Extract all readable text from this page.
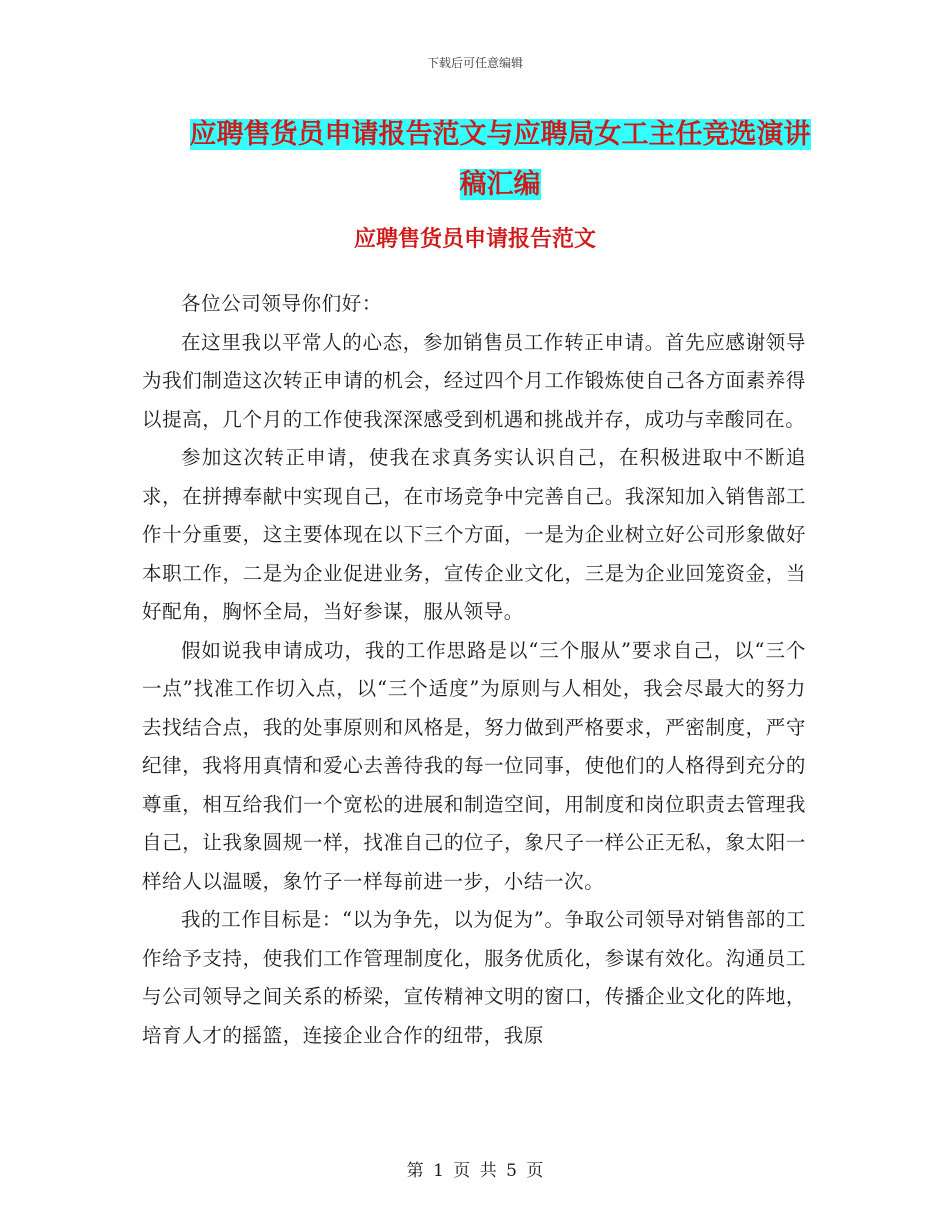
下载后可任意编辑
应聘售货员申请报告范文与应聘局女工主任竞选演讲
稿汇编
应聘售货员申请报告范文

各位公司领导你们好：

在这里我以平常人的心态，参加销售员工作转正申请。首先应感谢领导为我们制造这次转正申请的机会，经过四个月工作锻炼使自己各方面素养得以提高，几个月的工作使我深深感受到机遇和挑战并存，成功与幸酸同在。

参加这次转正申请，使我在求真务实认识自己，在积极进取中不断追求，在拼搏奉献中实现自己，在市场竞争中完善自己。我深知加入销售部工作十分重要，这主要体现在以下三个方面，一是为企业树立好公司形象做好本职工作，二是为企业促进业务，宣传企业文化，三是为企业回笼资金，当好配角，胸怀全局，当好参谋，服从领导。

假如说我申请成功，我的工作思路是以“三个服从”要求自己，以“三个一点”找准工作切入点，以“三个适度”为原则与人相处，我会尽最大的努力去找结合点，我的处事原则和风格是，努力做到严格要求，严密制度，严守纪律，我将用真情和爱心去善待我的每一位同事，使他们的人格得到充分的尊重，相互给我们一个宽松的进展和制造空间，用制度和岗位职责去管理我自己，让我象圆规一样，找准自己的位子，象尺子一样公正无私，象太阳一样给人以温暖，象竹子一样每前进一步，小结一次。

我的工作目标是：“以为争先，以为促为”。争取公司领导对销售部的工作给予支持，使我们工作管理制度化，服务优质化，参谋有效化。沟通员工与公司领导之间关系的桥梁，宣传精神文明的窗口，传播企业文化的阵地，培育人才的摇篮，连接企业合作的纽带，我原

第 1 页 共 5 页
